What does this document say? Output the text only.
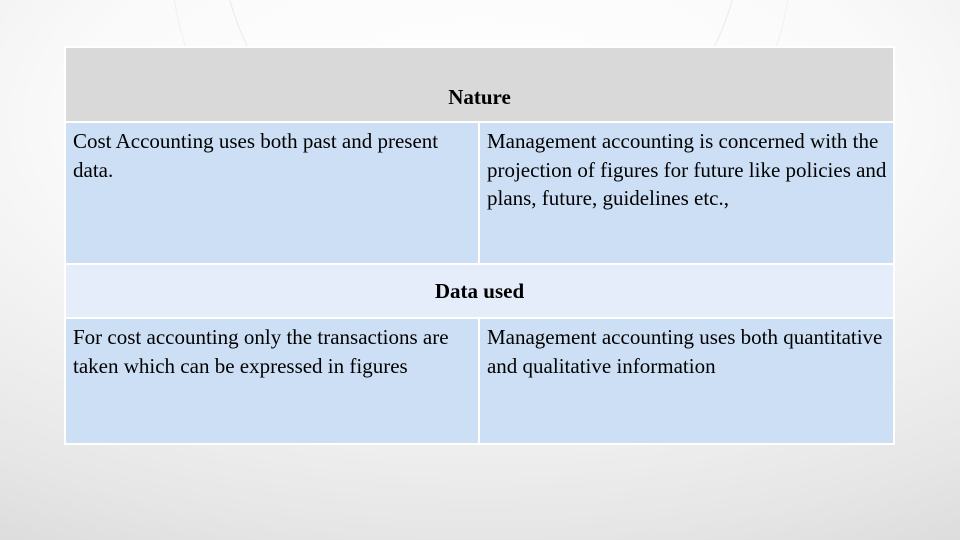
Nature	

Cost Accounting uses both past and present data.	Management accounting is concerned with the projection of figures for future like policies and plans, future, guidelines etc.,

Data used	

For cost accounting only the transactions are taken which can be expressed in figures	Management accounting uses both quantitative and qualitative information
